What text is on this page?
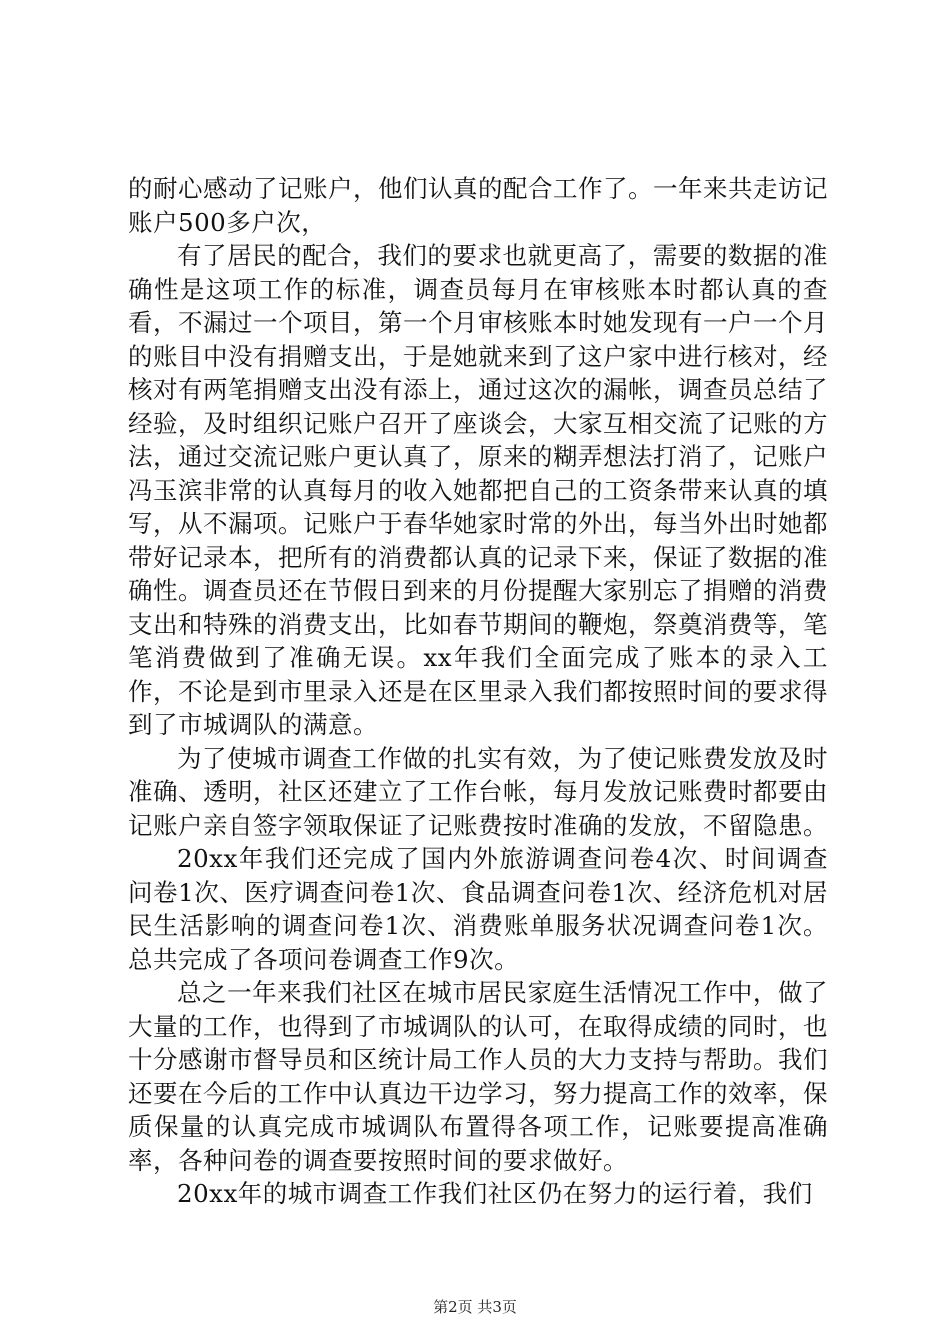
的耐心感动了记账户，他们认真的配合工作了。一年来共走访记账户500多户次，

有了居民的配合，我们的要求也就更高了，需要的数据的准确性是这项工作的标准，调查员每月在审核账本时都认真的查看，不漏过一个项目，第一个月审核账本时她发现有一户一个月的账目中没有捐赠支出，于是她就来到了这户家中进行核对，经核对有两笔捐赠支出没有添上，通过这次的漏帐，调查员总结了经验，及时组织记账户召开了座谈会，大家互相交流了记账的方法，通过交流记账户更认真了，原来的糊弄想法打消了，记账户冯玉滨非常的认真每月的收入她都把自己的工资条带来认真的填写，从不漏项。记账户于春华她家时常的外出，每当外出时她都带好记录本，把所有的消费都认真的记录下来，保证了数据的准确性。调查员还在节假日到来的月份提醒大家别忘了捐赠的消费支出和特殊的消费支出，比如春节期间的鞭炮，祭奠消费等，笔笔消费做到了准确无误。xx年我们全面完成了账本的录入工作，不论是到市里录入还是在区里录入我们都按照时间的要求得到了市城调队的满意。

为了使城市调查工作做的扎实有效，为了使记账费发放及时准确、透明，社区还建立了工作台帐，每月发放记账费时都要由记账户亲自签字领取保证了记账费按时准确的发放，不留隐患。

20xx年我们还完成了国内外旅游调查问卷4次、时间调查问卷1次、医疗调查问卷1次、食品调查问卷1次、经济危机对居民生活影响的调查问卷1次、消费账单服务状况调查问卷1次。总共完成了各项问卷调查工作9次。

总之一年来我们社区在城市居民家庭生活情况工作中，做了大量的工作，也得到了市城调队的认可，在取得成绩的同时，也十分感谢市督导员和区统计局工作人员的大力支持与帮助。我们还要在今后的工作中认真边干边学习，努力提高工作的效率，保质保量的认真完成市城调队布置得各项工作，记账要提高准确率，各种问卷的调查要按照时间的要求做好。

20xx年的城市调查工作我们社区仍在努力的运行着，我们

第2页 共3页
